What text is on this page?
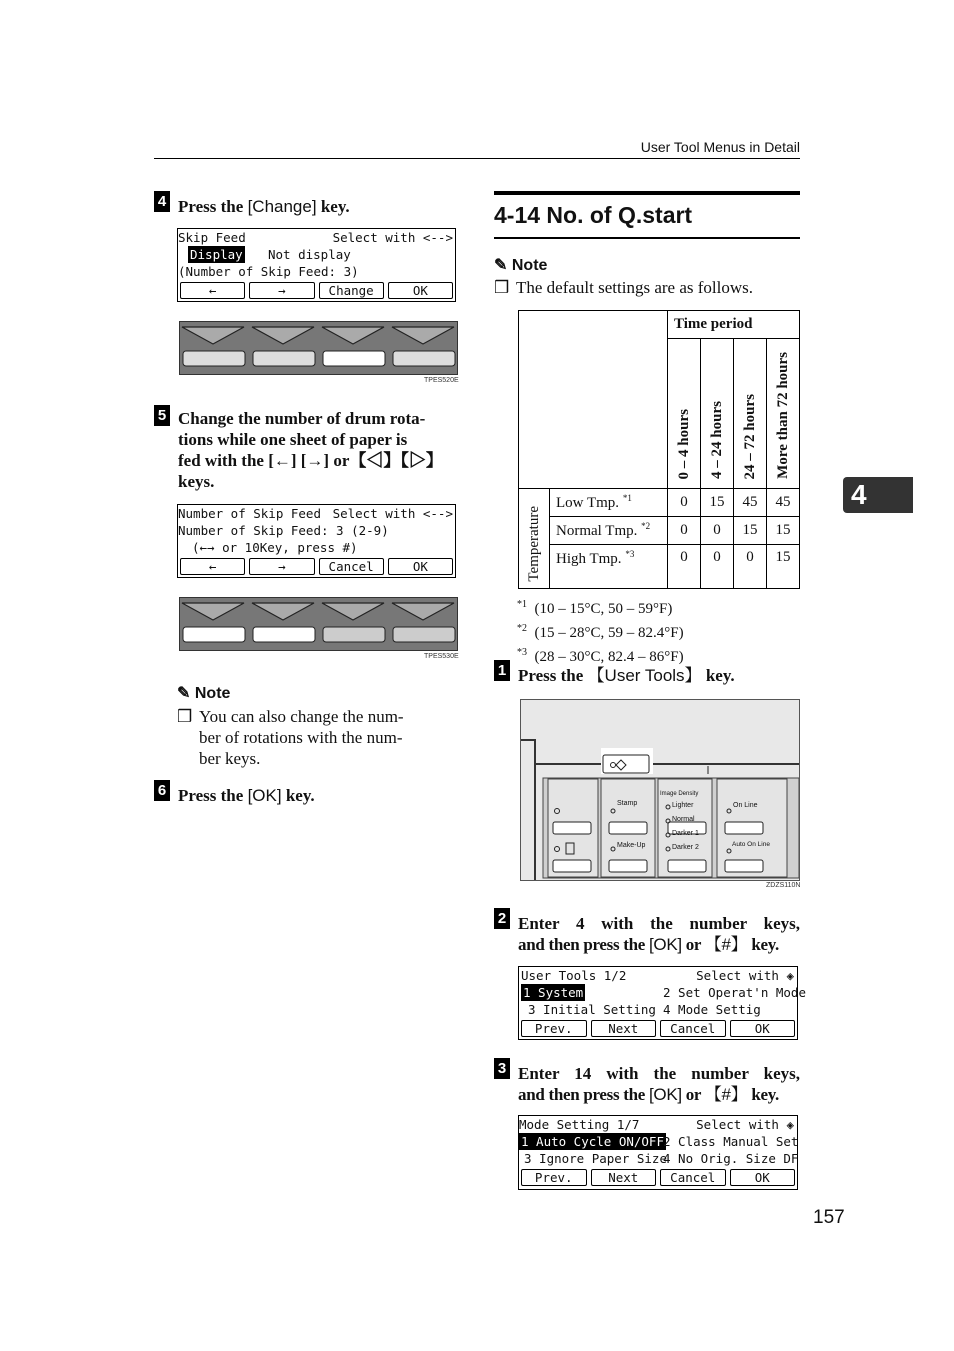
User Tool Menus in Detail
4
4 Press the [Change] key.
Skip Feed	Select with <-->
Display Not display
(Number of Skip Feed: 3)
←	→	Change	OK
TPES520E
5 Change the number of drum rota-
tions while one sheet of paper is
fed with the [←] [→] or【◁】【▷】
keys.
Number of Skip Feed Select with <-->
Number of Skip Feed: 3 (2-9)
(←→ or 10Key, press #)
←	→	Cancel	OK
TPES530E
✎ Note
❒ You can also change the num-
ber of rotations with the num-
ber keys.
6 Press the [OK] key.
4-14 No. of Q.start
✎ Note
❒ The default settings are as follows.
		Time period			
		0 – 4 hours	4 – 24 hours	24 – 72 hours	More than 72 hours
Temperature	Low Tmp. $^{*1}$	0	15	45	45
	Normal Tmp. $^{*2}$	0	0	15	15
	High Tmp. $^{*3}$	0	0	0	15
$^{*1}$ (10 – 15°C, 50 – 59°F)
$^{*2}$ (15 – 28°C, 59 – 82.4°F)
$^{*3}$ (28 – 30°C, 82.4 – 86°F)
1 Press the 【User Tools】 key.
Stamp
Make-Up
Image Density
Lighter
Normal
Darker 1
Darker 2
On Line
Auto On Line
ZDZS110N
2 Enter 4 with the number keys,
and then press the [OK] or 【#】 key.
User Tools 1/2	Select with ◈
1 System	2 Set Operat'n Mode
3 Initial Setting 4 Mode Settig
Prev.	Next	Cancel	OK
3 Enter 14 with the number keys,
and then press the [OK] or 【#】 key.
Mode Setting 1/7	Select with ◈
1 Auto Cycle ON/OFF 2 Class Manual Set
3 Ignore Paper Size
4 No Orig. Size DF
Prev.	Next	Cancel	OK
157
